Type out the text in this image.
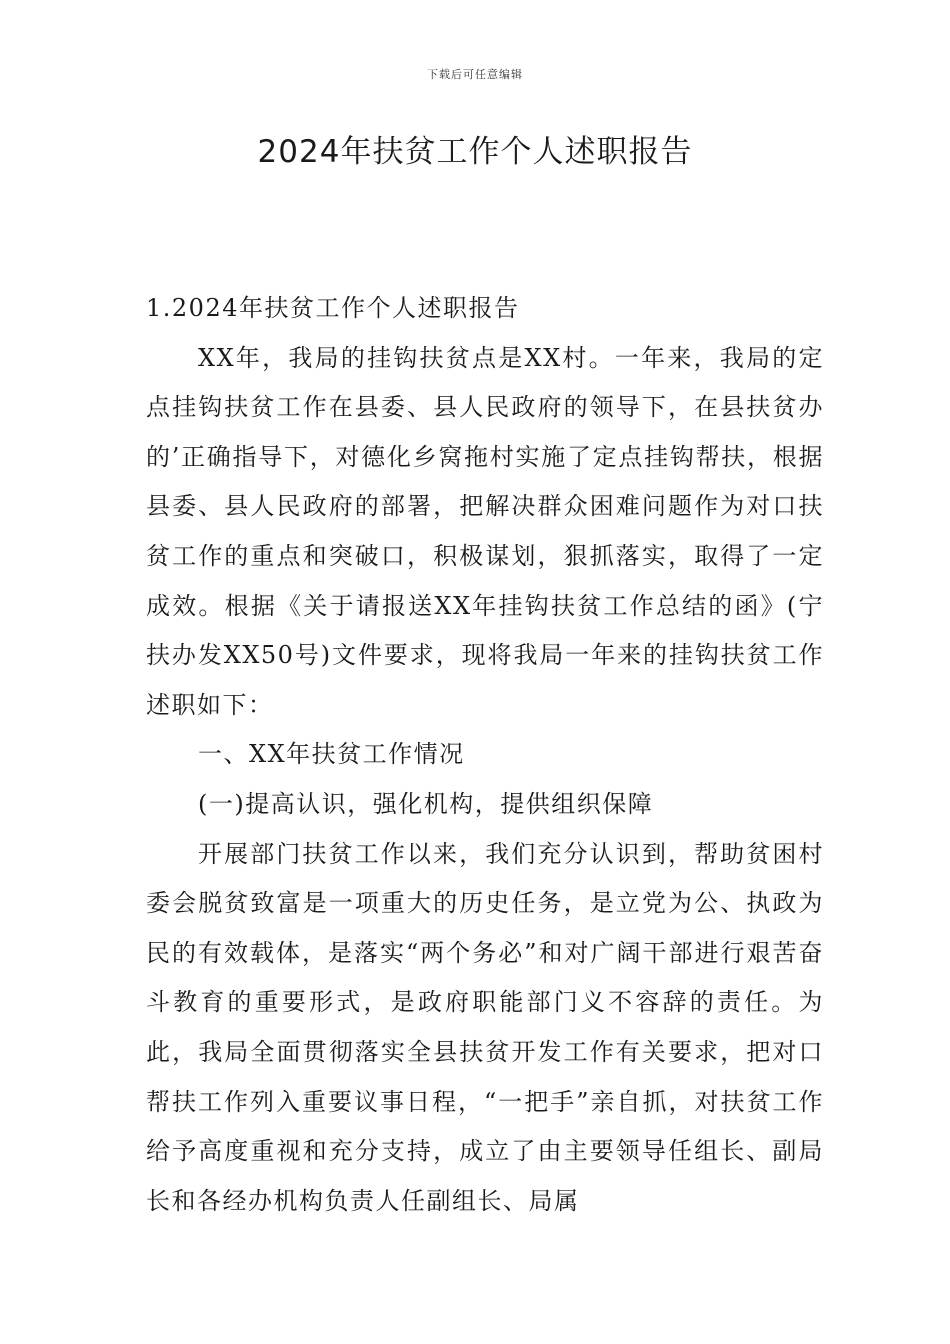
下载后可任意编辑
2024年扶贫工作个人述职报告

1.2024年扶贫工作个人述职报告

XX年，我局的挂钩扶贫点是XX村。一年来，我局的定点挂钩扶贫工作在县委、县人民政府的领导下，在县扶贫办的’正确指导下，对德化乡窝拖村实施了定点挂钩帮扶，根据县委、县人民政府的部署，把解决群众困难问题作为对口扶贫工作的重点和突破口，积极谋划，狠抓落实，取得了一定成效。根据《关于请报送XX年挂钩扶贫工作总结的函》(宁扶办发XX50号)文件要求，现将我局一年来的挂钩扶贫工作述职如下：

一、XX年扶贫工作情况

(一)提高认识，强化机构，提供组织保障

开展部门扶贫工作以来，我们充分认识到，帮助贫困村委会脱贫致富是一项重大的历史任务，是立党为公、执政为民的有效载体，是落实“两个务必”和对广阔干部进行艰苦奋斗教育的重要形式，是政府职能部门义不容辞的责任。为此，我局全面贯彻落实全县扶贫开发工作有关要求，把对口帮扶工作列入重要议事日程，“一把手”亲自抓，对扶贫工作给予高度重视和充分支持，成立了由主要领导任组长、副局长和各经办机构负责人任副组长、局属
